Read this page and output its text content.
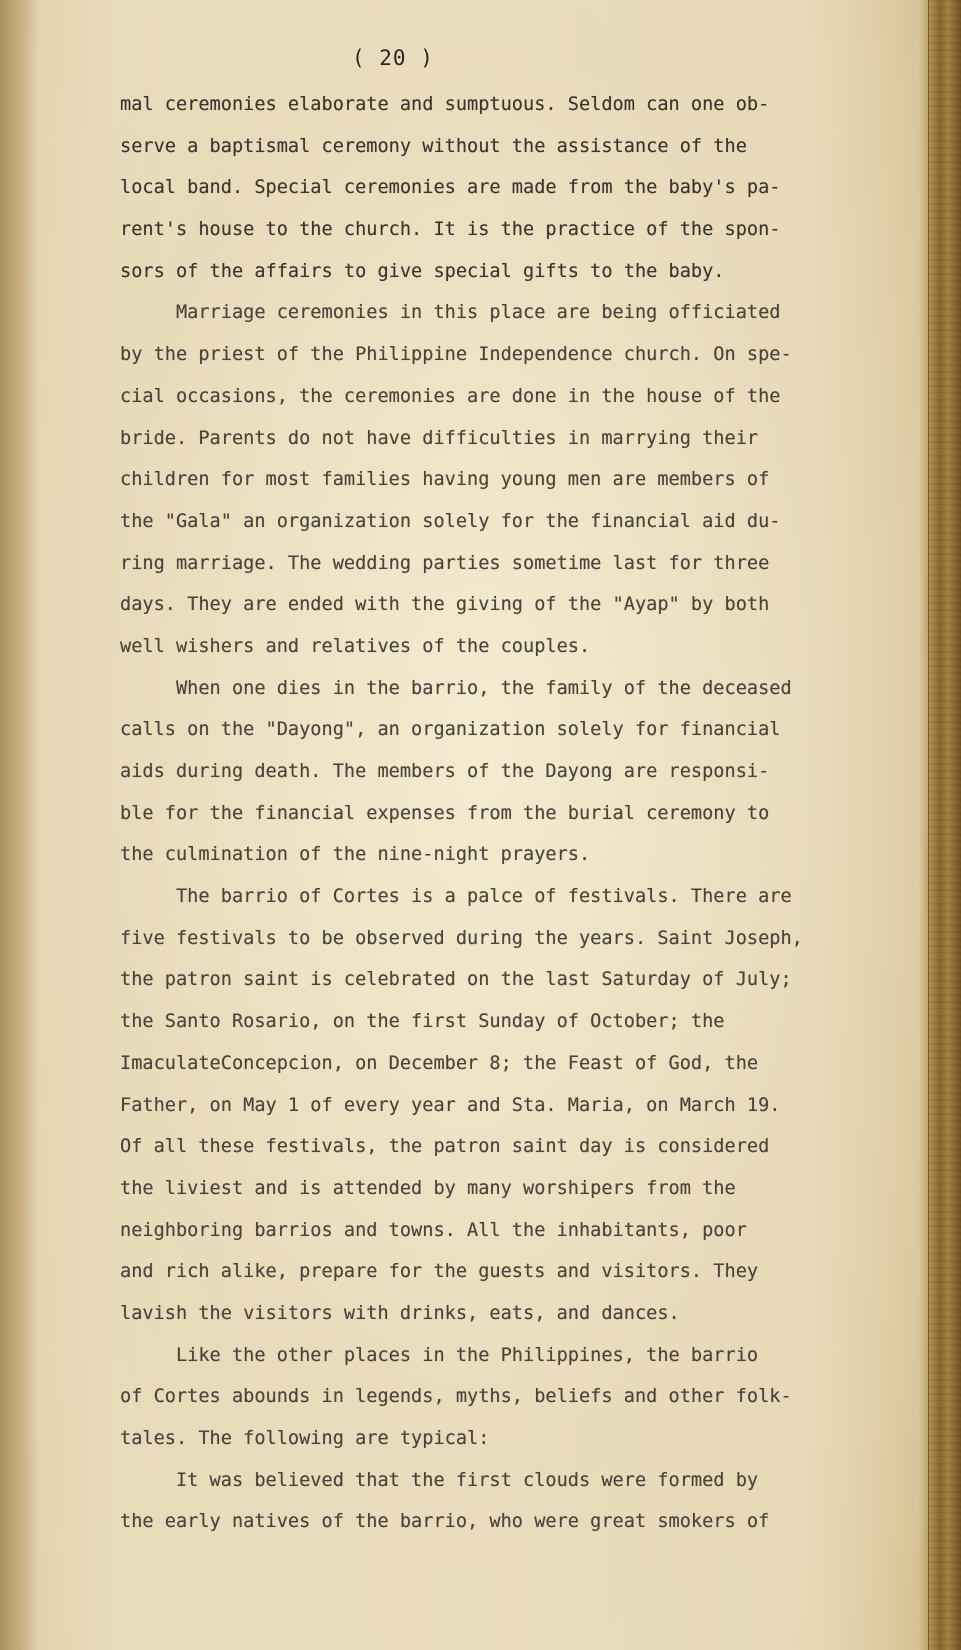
( 20 )
mal ceremonies elaborate and sumptuous. Seldom can one ob-
serve a baptismal ceremony without the assistance of the
local band. Special ceremonies are made from the baby's pa-
rent's house to the church. It is the practice of the spon-
sors of the affairs to give special gifts to the baby.
Marriage ceremonies in this place are being officiated
by the priest of the Philippine Independence church. On spe-
cial occasions, the ceremonies are done in the house of the
bride. Parents do not have difficulties in marrying their
children for most families having young men are members of
the "Gala" an organization solely for the financial aid du-
ring marriage. The wedding parties sometime last for three
days. They are ended with the giving of the "Ayap" by both
well wishers and relatives of the couples.
When one dies in the barrio, the family of the deceased
calls on the "Dayong", an organization solely for financial
aids during death. The members of the Dayong are responsi-
ble for the financial expenses from the burial ceremony to
the culmination of the nine-night prayers.
The barrio of Cortes is a palce of festivals. There are
five festivals to be observed during the years. Saint Joseph,
the patron saint is celebrated on the last Saturday of July;
the Santo Rosario, on the first Sunday of October; the
ImaculateConcepcion, on December 8; the Feast of God, the
Father, on May 1 of every year and Sta. Maria, on March 19.
Of all these festivals, the patron saint day is considered
the liviest and is attended by many worshipers from the
neighboring barrios and towns. All the inhabitants, poor
and rich alike, prepare for the guests and visitors. They
lavish the visitors with drinks, eats, and dances.
Like the other places in the Philippines, the barrio
of Cortes abounds in legends, myths, beliefs and other folk-
tales. The following are typical:
It was believed that the first clouds were formed by
the early natives of the barrio, who were great smokers of
